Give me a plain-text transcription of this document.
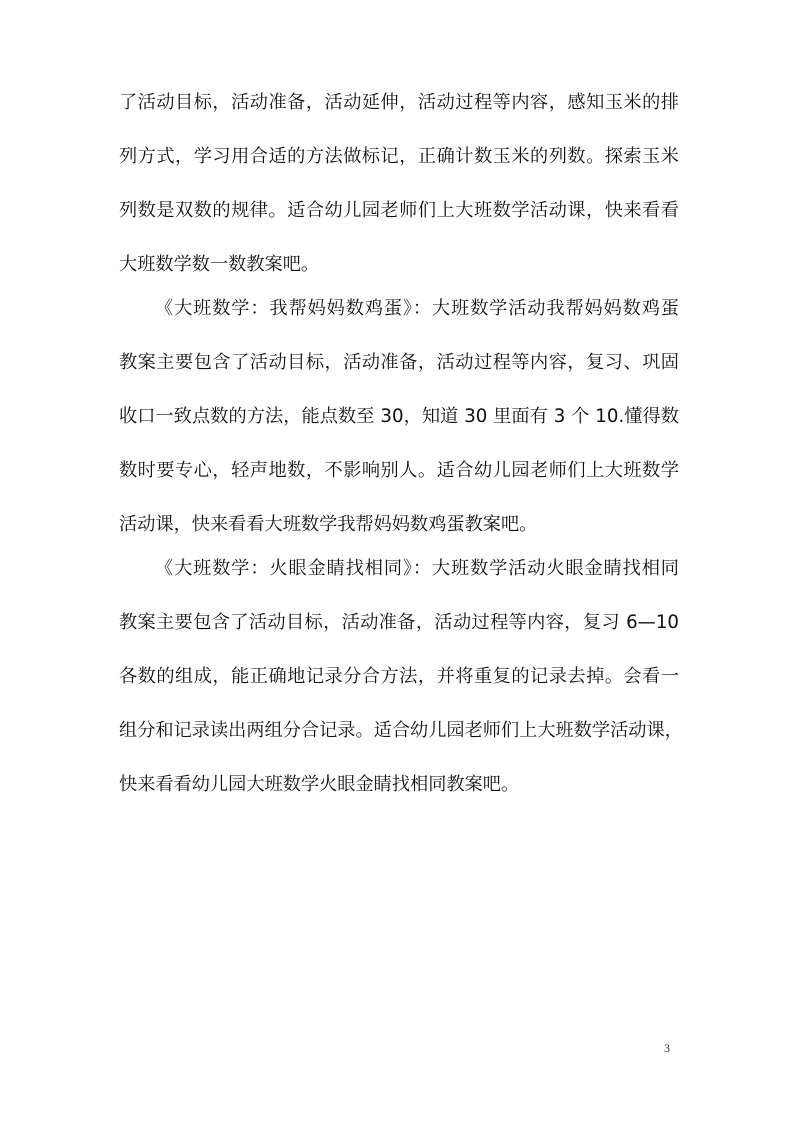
了活动目标，活动准备，活动延伸，活动过程等内容，感知玉米的排
列方式，学习用合适的方法做标记，正确计数玉米的列数。探索玉米
列数是双数的规律。适合幼儿园老师们上大班数学活动课，快来看看
大班数学数一数教案吧。
《大班数学：我帮妈妈数鸡蛋》：大班数学活动我帮妈妈数鸡蛋
教案主要包含了活动目标，活动准备，活动过程等内容，复习、巩固
收口一致点数的方法，能点数至 30，知道 30 里面有 3 个 10.懂得数
数时要专心，轻声地数，不影响别人。适合幼儿园老师们上大班数学
活动课，快来看看大班数学我帮妈妈数鸡蛋教案吧。
《大班数学：火眼金睛找相同》：大班数学活动火眼金睛找相同
教案主要包含了活动目标，活动准备，活动过程等内容，复习 6—10
各数的组成，能正确地记录分合方法，并将重复的记录去掉。会看一
组分和记录读出两组分合记录。适合幼儿园老师们上大班数学活动课，
快来看看幼儿园大班数学火眼金睛找相同教案吧。
3
